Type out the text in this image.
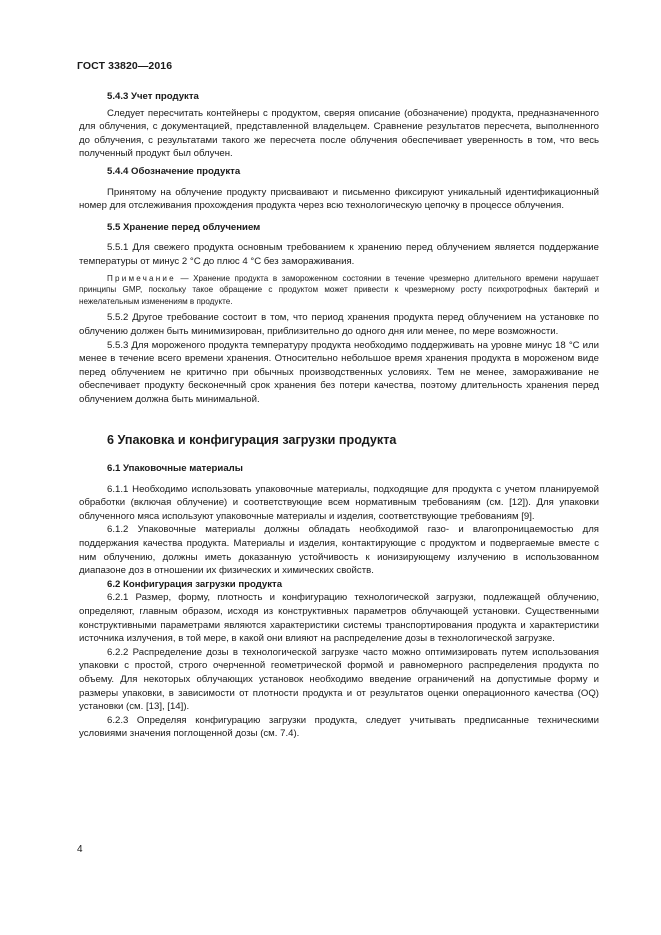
ГОСТ 33820—2016
5.4.3 Учет продукта

Следует пересчитать контейнеры с продуктом, сверяя описание (обозначение) продукта, предназначенного для облучения, с документацией, представленной владельцем. Сравнение результатов пересчета, выполненного до облучения, с результатами такого же пересчета после облучения обеспечивает уверенность в том, что весь полученный продукт был облучен.

5.4.4 Обозначение продукта

Принятому на облучение продукту присваивают и письменно фиксируют уникальный идентификационный номер для отслеживания прохождения продукта через всю технологическую цепочку в процессе облучения.

5.5 Хранение перед облучением

5.5.1 Для свежего продукта основным требованием к хранению перед облучением является поддержание температуры от минус 2 °С до плюс 4 °С без замораживания.

Примечание — Хранение продукта в замороженном состоянии в течение чрезмерно длительного времени нарушает принципы GMP, поскольку такое обращение с продуктом может привести к чрезмерному росту психротрофных бактерий и нежелательным изменениям в продукте.

5.5.2 Другое требование состоит в том, что период хранения продукта перед облучением на установке по облучению должен быть минимизирован, приблизительно до одного дня или менее, по мере возможности.

5.5.3 Для мороженого продукта температуру продукта необходимо поддерживать на уровне минус 18 °С или менее в течение всего времени хранения. Относительно небольшое время хранения продукта в мороженом виде перед облучением не критично при обычных производственных условиях. Тем не менее, замораживание не обеспечивает продукту бесконечный срок хранения без потери качества, поэтому длительность хранения перед облучением должна быть минимальной.

6 Упаковка и конфигурация загрузки продукта
6.1 Упаковочные материалы

6.1.1 Необходимо использовать упаковочные материалы, подходящие для продукта с учетом планируемой обработки (включая облучение) и соответствующие всем нормативным требованиям (см. [12]). Для упаковки облученного мяса используют упаковочные материалы и изделия, соответствующие требованиям [9].

6.1.2 Упаковочные материалы должны обладать необходимой газо- и влагопроницаемостью для поддержания качества продукта. Материалы и изделия, контактирующие с продуктом и подвергаемые вместе с ним облучению, должны иметь доказанную устойчивость к ионизирующему излучению в использованном диапазоне доз в отношении их физических и химических свойств.

6.2 Конфигурация загрузки продукта

6.2.1 Размер, форму, плотность и конфигурацию технологической загрузки, подлежащей облучению, определяют, главным образом, исходя из конструктивных параметров облучающей установки. Существенными конструктивными параметрами являются характеристики системы транспортирования продукта и характеристики источника излучения, в той мере, в какой они влияют на распределение дозы в технологической загрузке.

6.2.2 Распределение дозы в технологической загрузке часто можно оптимизировать путем использования упаковки с простой, строго очерченной геометрической формой и равномерного распределения продукта по объему. Для некоторых облучающих установок необходимо введение ограничений на допустимые форму и размеры упаковки, в зависимости от плотности продукта и от результатов оценки операционного качества (OQ) установки (см. [13], [14]).

6.2.3 Определяя конфигурацию загрузки продукта, следует учитывать предписанные техническими условиями значения поглощенной дозы (см. 7.4).

4
